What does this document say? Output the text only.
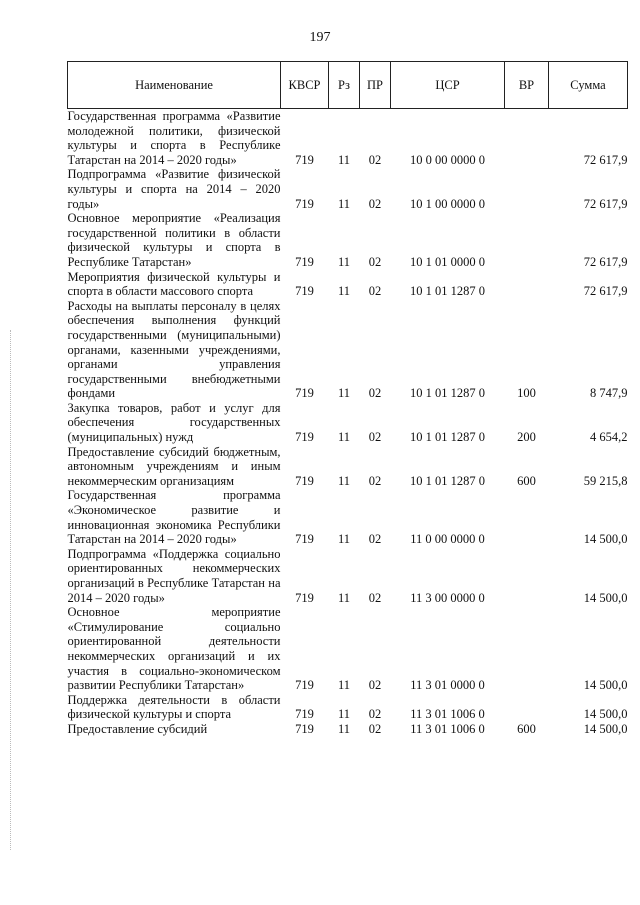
197
Наименование	КВСР	Рз	ПР	ЦСР	ВР	Сумма
Государственная программа «Развитие молодежной политики, физической культуры и спорта в Республике Татарстан на 2014 – 2020 годы»	719	11	02	10 0 00 0000 0		72 617,9
Подпрограмма «Развитие физической культуры и спорта на 2014 – 2020 годы»	719	11	02	10 1 00 0000 0		72 617,9
Основное мероприятие «Реализация государственной политики в области физической культуры и спорта в Республике Татарстан»	719	11	02	10 1 01 0000 0		72 617,9
Мероприятия физической культуры и спорта в области массового спорта	719	11	02	10 1 01 1287 0		72 617,9
Расходы на выплаты персоналу в целях обеспечения выполнения функций государственными (муниципальными) органами, казенными учреждениями, органами управления государственными внебюджетными фондами	719	11	02	10 1 01 1287 0	100	8 747,9
Закупка товаров, работ и услуг для обеспечения государственных (муниципальных) нужд	719	11	02	10 1 01 1287 0	200	4 654,2
Предоставление субсидий бюджетным, автономным учреждениям и иным некоммерческим организациям	719	11	02	10 1 01 1287 0	600	59 215,8
Государственная программа «Экономическое развитие и инновационная экономика Республики Татарстан на 2014 – 2020 годы»	719	11	02	11 0 00 0000 0		14 500,0
Подпрограмма «Поддержка социально ориентированных некоммерческих организаций в Республике Татарстан на 2014 – 2020 годы»	719	11	02	11 3 00 0000 0		14 500,0
Основное мероприятие «Стимулирование социально ориентированной деятельности некоммерческих организаций и их участия в социально-экономическом развитии Республики Татарстан»	719	11	02	11 3 01 0000 0		14 500,0
Поддержка деятельности в области физической культуры и спорта	719	11	02	11 3 01 1006 0		14 500,0
Предоставление субсидий	719	11	02	11 3 01 1006 0	600	14 500,0
